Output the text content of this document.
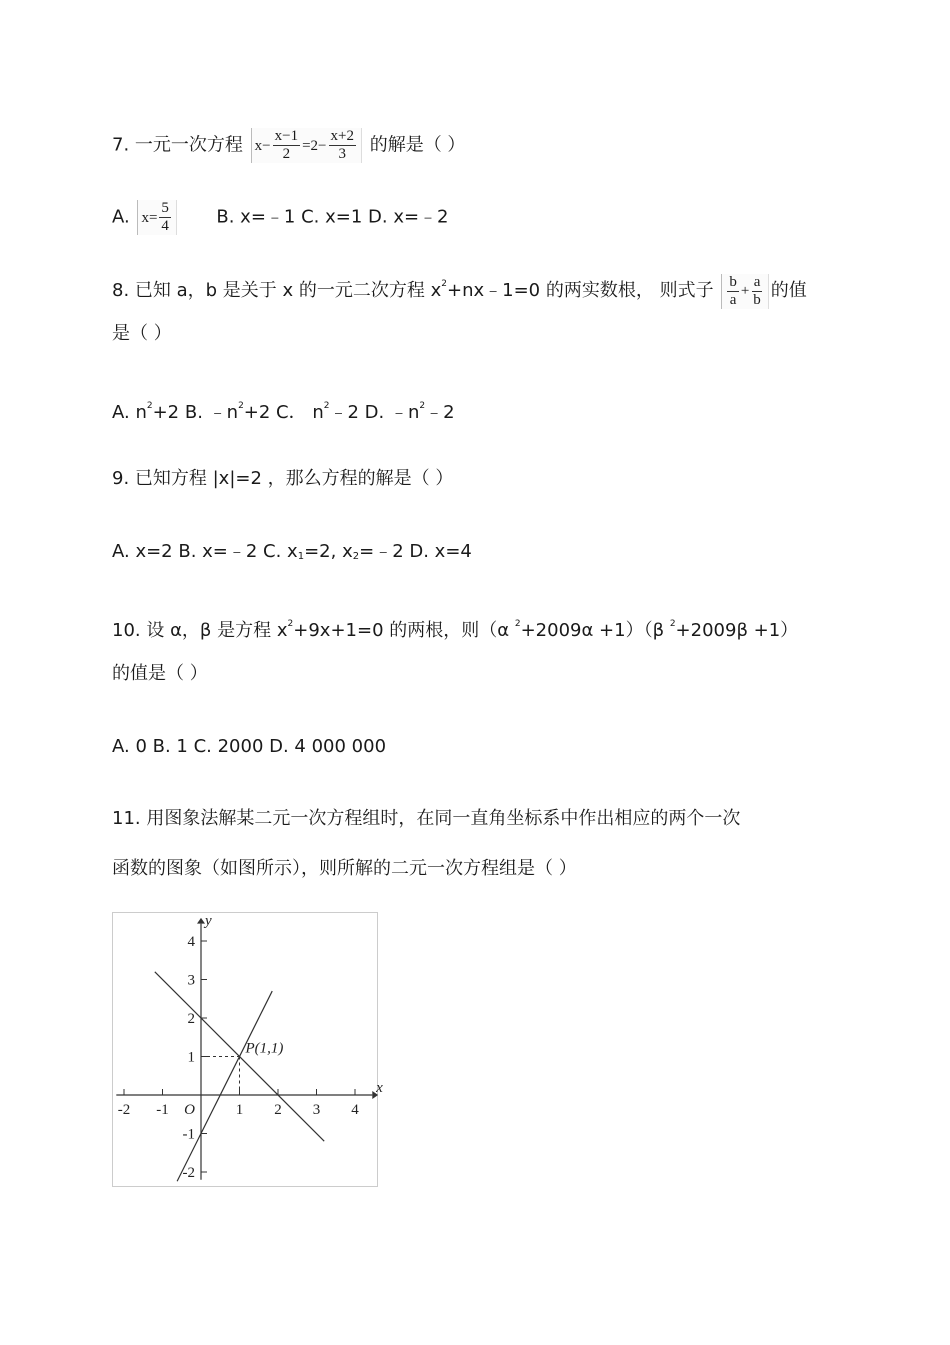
7. 一元一次方程 $x- \frac{x-1}{2} =2- \frac{x+2}{3}$ 的解是（ ）
A. $x= \frac{5}{4}$	B. x=﹣1 C. x=1 D. x=﹣2
8. 已知 a，b 是关于 x 的一元二次方程 $x^2+nx﹣1=0$ 的两实数根， 则式子 $\frac{b}{a} + \frac{a}{b}$ 的值
是（ ）
A. $n^2+2$ B. $﹣n^2+2$ C． $n^2﹣2$ D. $﹣n^2﹣2$
9. 已知方程 |x|=2 ，那么方程的解是（ ）
A. x=2 B. x=﹣2 C. $x_1=2$, $x_2=﹣2$ D. x=4
10. 设 α，β 是方程 $x^2+9x+1=0$ 的两根，则（α $^2$+2009α +1）（β $^2$+2009β +1）
的值是（ ）
A. 0 B. 1 C. 2000 D. 4 000 000
11. 用图象法解某二元一次方程组时，在同一直角坐标系中作出相应的两个一次
函数的图象（如图所示），则所解的二元一次方程组是（ ）
-2 -1	1 2 3 4
4
3
2
1
-1
-2
x
y
O
P(1,1)
